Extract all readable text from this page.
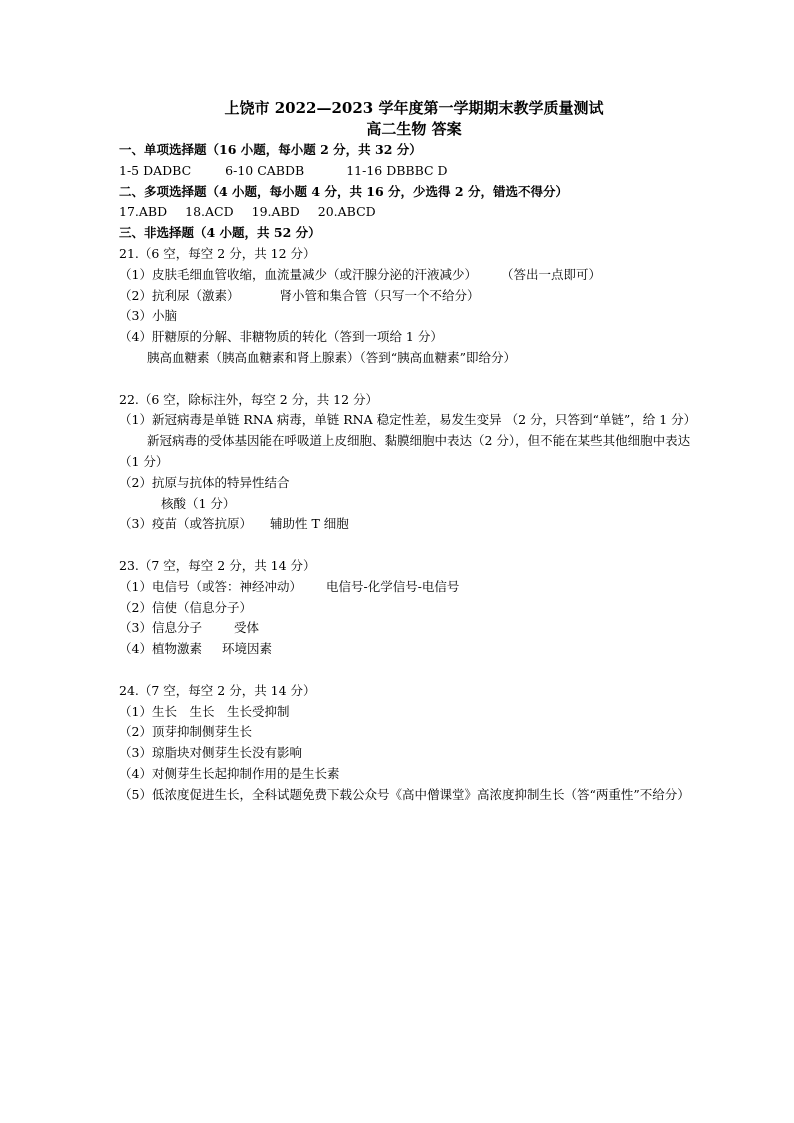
上饶市 2022—2023 学年度第一学期期末教学质量测试
高二生物 答案
一、单项选择题（16 小题，每小题 2 分，共 32 分）
1-5 DADBC	6-10 CABDB	11-16 DBBBC D
二、多项选择题（4 小题，每小题 4 分，共 16 分，少选得 2 分，错选不得分）
17.ABD 18.ACD 19.ABD 20.ABCD
三、非选择题（4 小题，共 52 分）
21.（6 空，每空 2 分，共 12 分）
（1）皮肤毛细血管收缩，血流量减少（或汗腺分泌的汗液减少） （答出一点即可）
（2）抗利尿（激素）	肾小管和集合管（只写一个不给分）
（3）小脑
（4）肝糖原的分解、非糖物质的转化（答到一项给 1 分）
胰高血糖素（胰高血糖素和肾上腺素）（答到“胰高血糖素”即给分）
22.（6 空，除标注外，每空 2 分，共 12 分）
（1）新冠病毒是单链 RNA 病毒，单链 RNA 稳定性差，易发生变异 （2 分，只答到“单链”，给 1 分）
新冠病毒的受体基因能在呼吸道上皮细胞、黏膜细胞中表达（2 分），但不能在某些其他细胞中表达（1 分）
（2）抗原与抗体的特异性结合
核酸（1 分）
（3）疫苗（或答抗原） 辅助性 T 细胞
23.（7 空，每空 2 分，共 14 分）
（1）电信号（或答：神经冲动） 电信号-化学信号-电信号
（2）信使（信息分子）
（3）信息分子	受体
（4）植物激素 环境因素
24.（7 空，每空 2 分，共 14 分）
（1）生长　生长　生长受抑制
（2）顶芽抑制侧芽生长
（3）琼脂块对侧芽生长没有影响
（4）对侧芽生长起抑制作用的是生长素
（5）低浓度促进生长，全科试题免费下载公众号《高中僧课堂》高浓度抑制生长（答“两重性”不给分）
